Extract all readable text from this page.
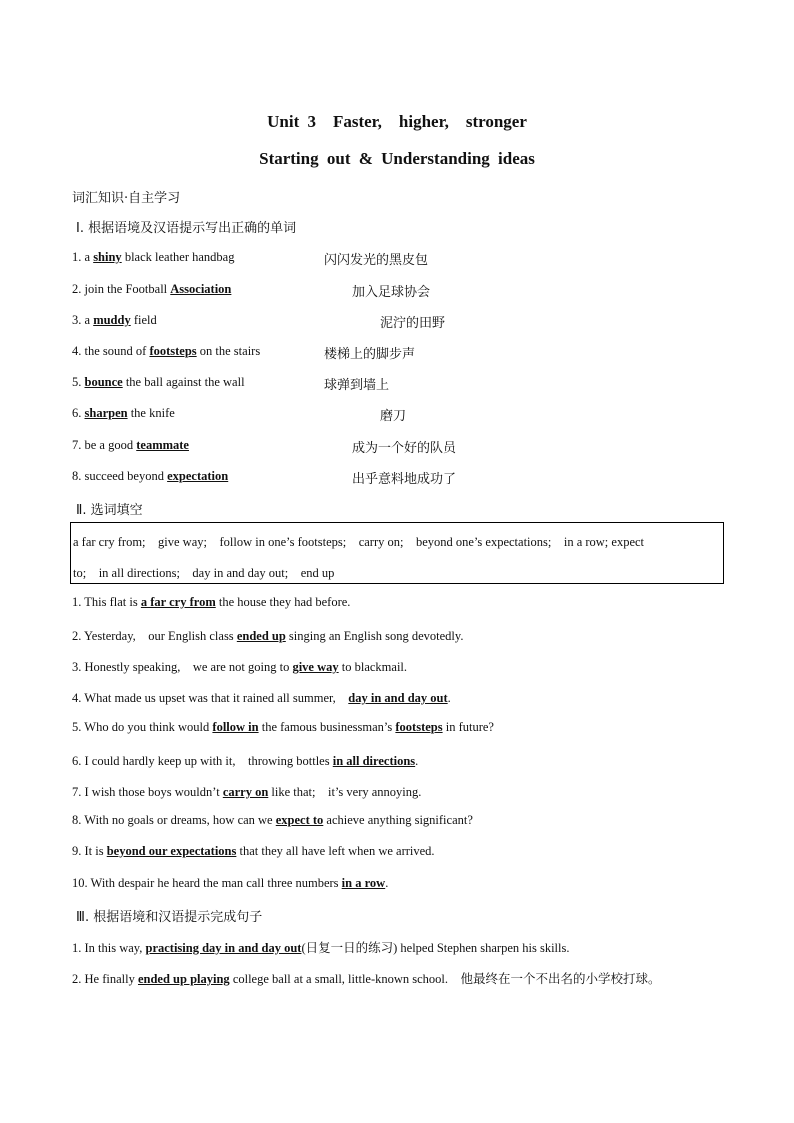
Unit 3　Faster,　higher,　stronger
Starting out & Understanding ideas
词汇知识·自主学习
Ⅰ. 根据语境及汉语提示写出正确的单词
1. a shiny black leather handbag	闪闪发光的黑皮包
2. join the Football Association	加入足球协会
3. a muddy field	泥泞的田野
4. the sound of footsteps on the stairs	楼梯上的脚步声
5. bounce the ball against the wall	球弹到墙上
6. sharpen the knife	磨刀
7. be a good teammate	成为一个好的队员
8. succeed beyond expectation	出乎意料地成功了
Ⅱ. 选词填空
a far cry from;　give way;　follow in one’s footsteps;　carry on;　beyond one’s expectations;　in a row; expect
to;　in all directions;　day in and day out;　end up
1. This flat is a far cry from the house they had before.
2. Yesterday,　our English class ended up singing an English song devotedly.
3. Honestly speaking,　we are not going to give way to blackmail.
4. What made us upset was that it rained all summer,　day in and day out.
5. Who do you think would follow in the famous businessman’s footsteps in future?
6. I could hardly keep up with it,　throwing bottles in all directions.
7. I wish those boys wouldn’t carry on like that;　it’s very annoying.
8. With no goals or dreams, how can we expect to achieve anything significant?
9. It is beyond our expectations that they all have left when we arrived.
10. With despair he heard the man call three numbers in a row.
Ⅲ. 根据语境和汉语提示完成句子
1. In this way, practising day in and day out(日复一日的练习) helped Stephen sharpen his skills.
2. He finally ended up playing college ball at a small, little-known school.　他最终在一个不出名的小学校打球。
